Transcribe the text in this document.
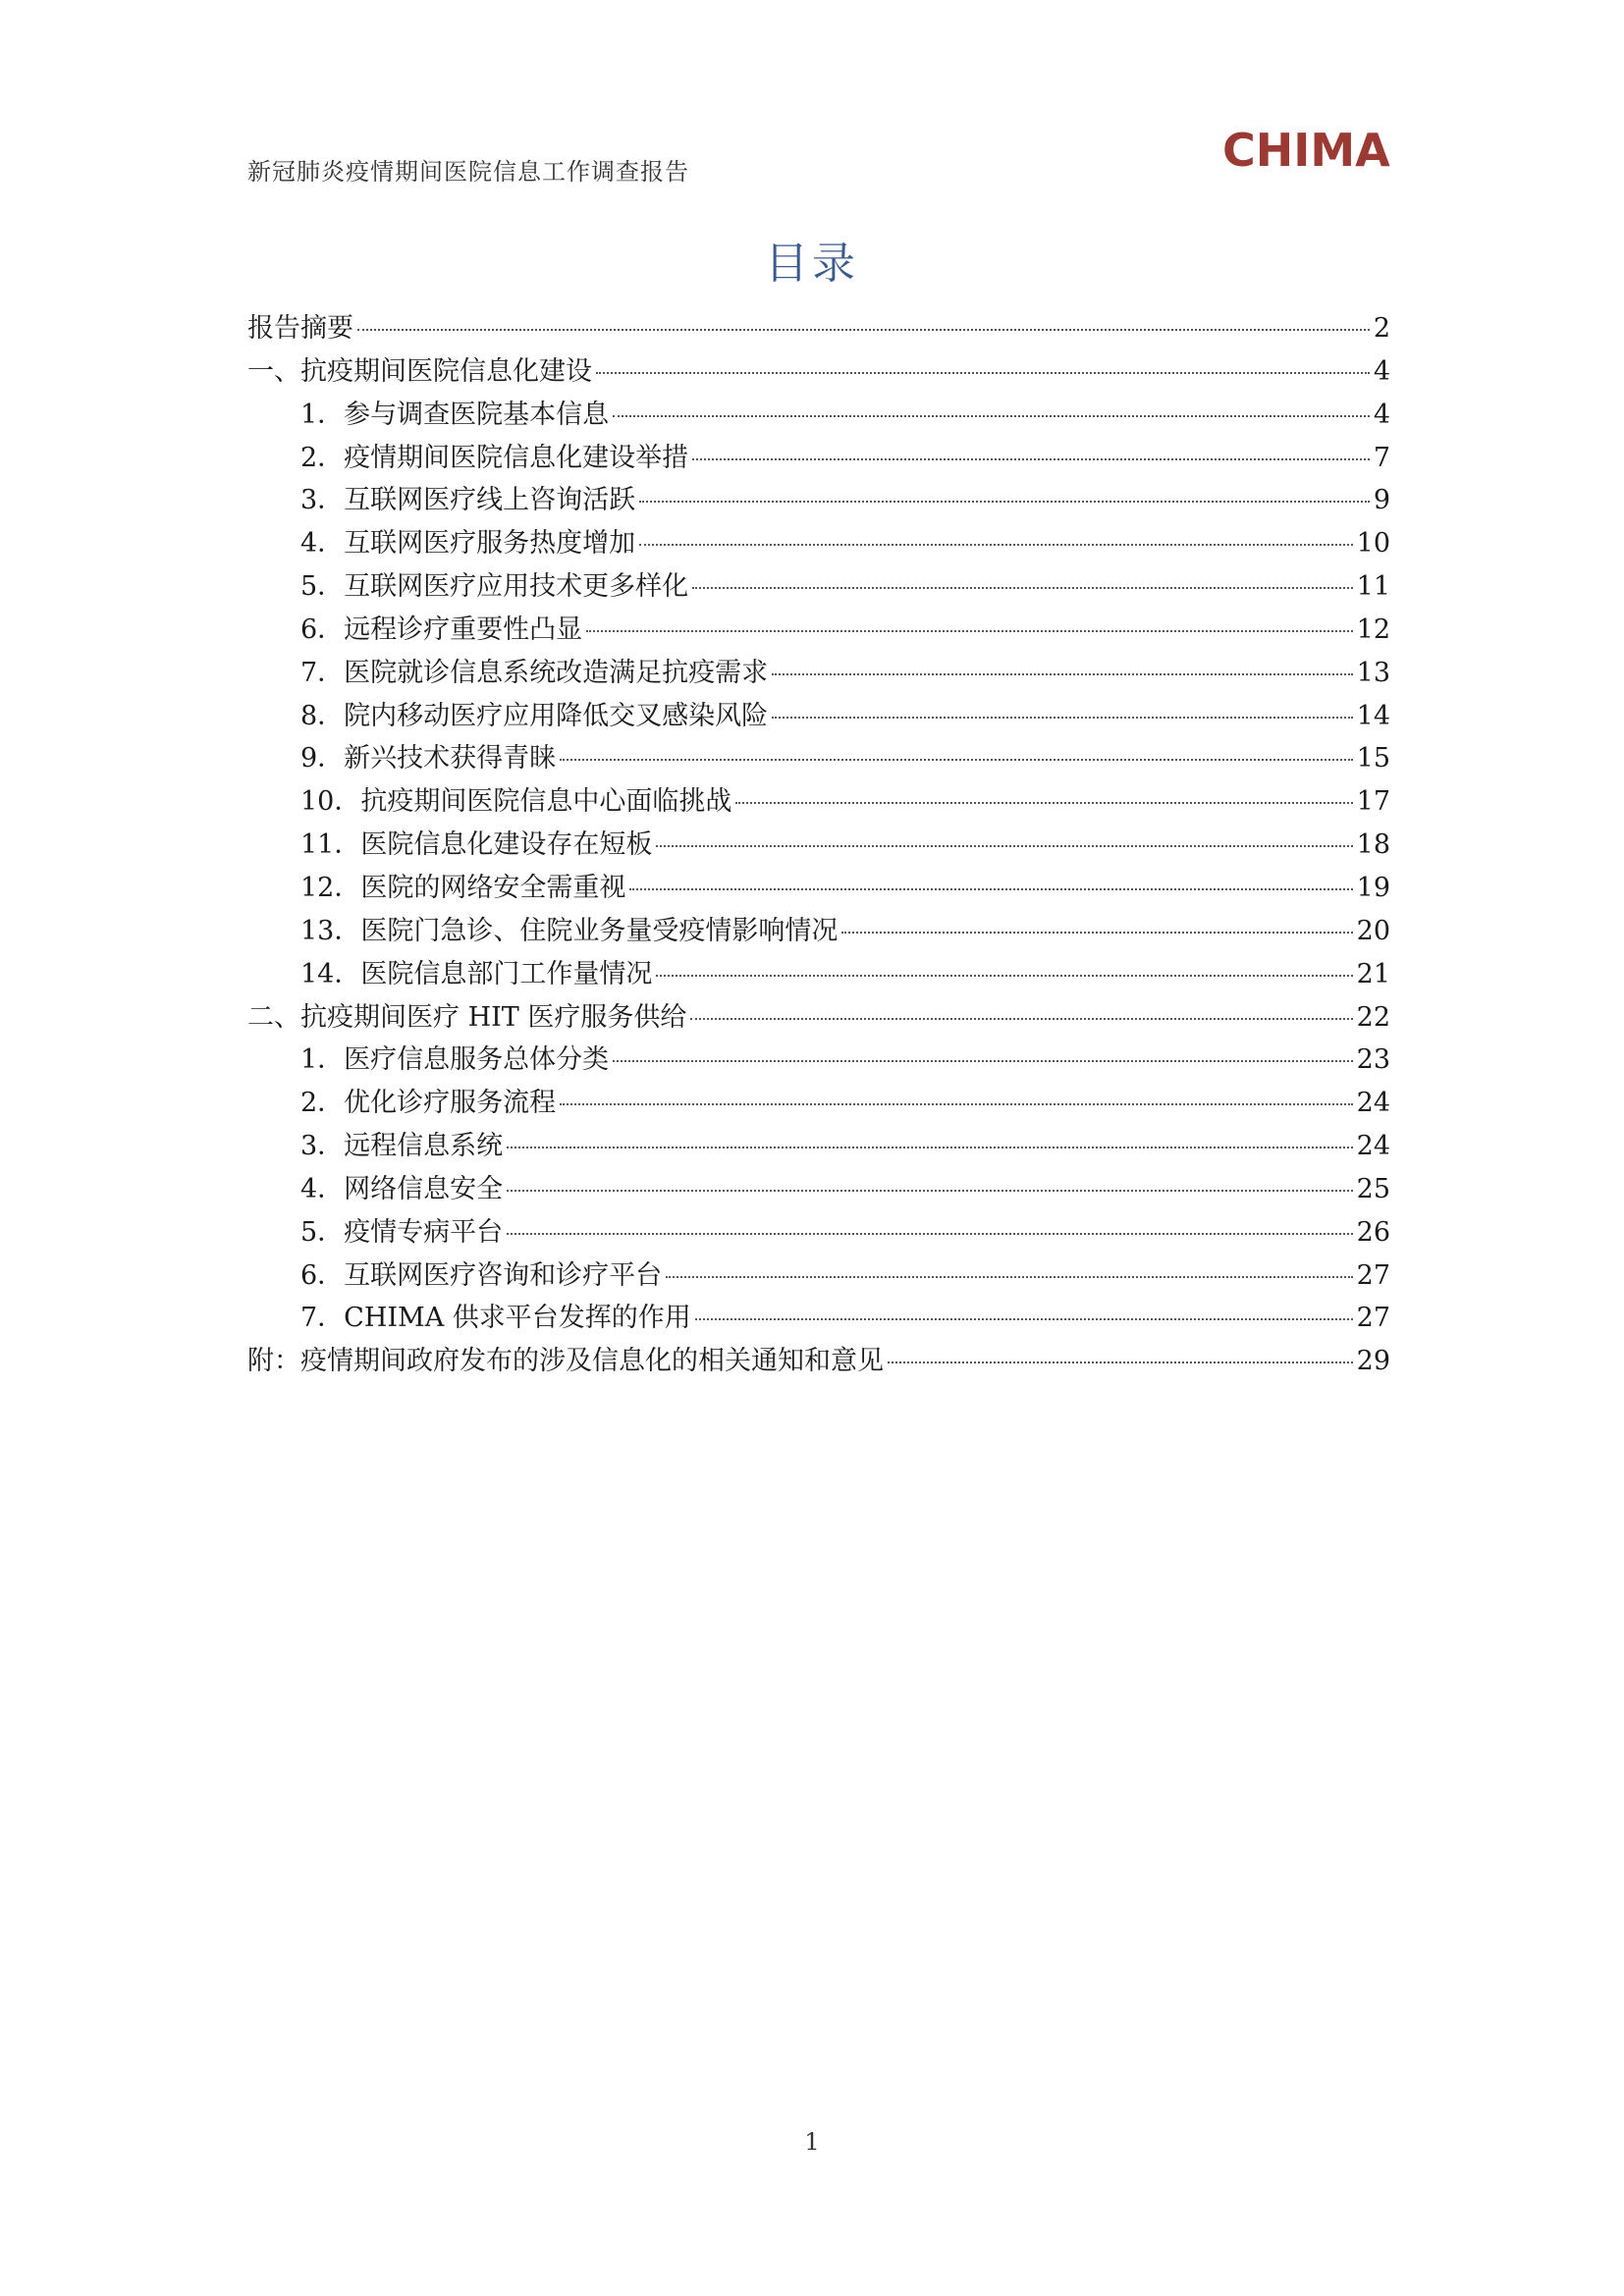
新冠肺炎疫情期间医院信息工作调查报告	CHIMA
目录
报告摘要	2
一、抗疫期间医院信息化建设	4
1．参与调查医院基本信息	4
2．疫情期间医院信息化建设举措	7
3．互联网医疗线上咨询活跃	9
4．互联网医疗服务热度增加	10
5．互联网医疗应用技术更多样化	11
6．远程诊疗重要性凸显	12
7．医院就诊信息系统改造满足抗疫需求	13
8．院内移动医疗应用降低交叉感染风险	14
9．新兴技术获得青睐	15
10．抗疫期间医院信息中心面临挑战	17
11．医院信息化建设存在短板	18
12．医院的网络安全需重视	19
13．医院门急诊、住院业务量受疫情影响情况	20
14．医院信息部门工作量情况	21
二、抗疫期间医疗 HIT 医疗服务供给	22
1．医疗信息服务总体分类	23
2．优化诊疗服务流程	24
3．远程信息系统	24
4．网络信息安全	25
5．疫情专病平台	26
6．互联网医疗咨询和诊疗平台	27
7．CHIMA 供求平台发挥的作用	27
附：疫情期间政府发布的涉及信息化的相关通知和意见	29
1
